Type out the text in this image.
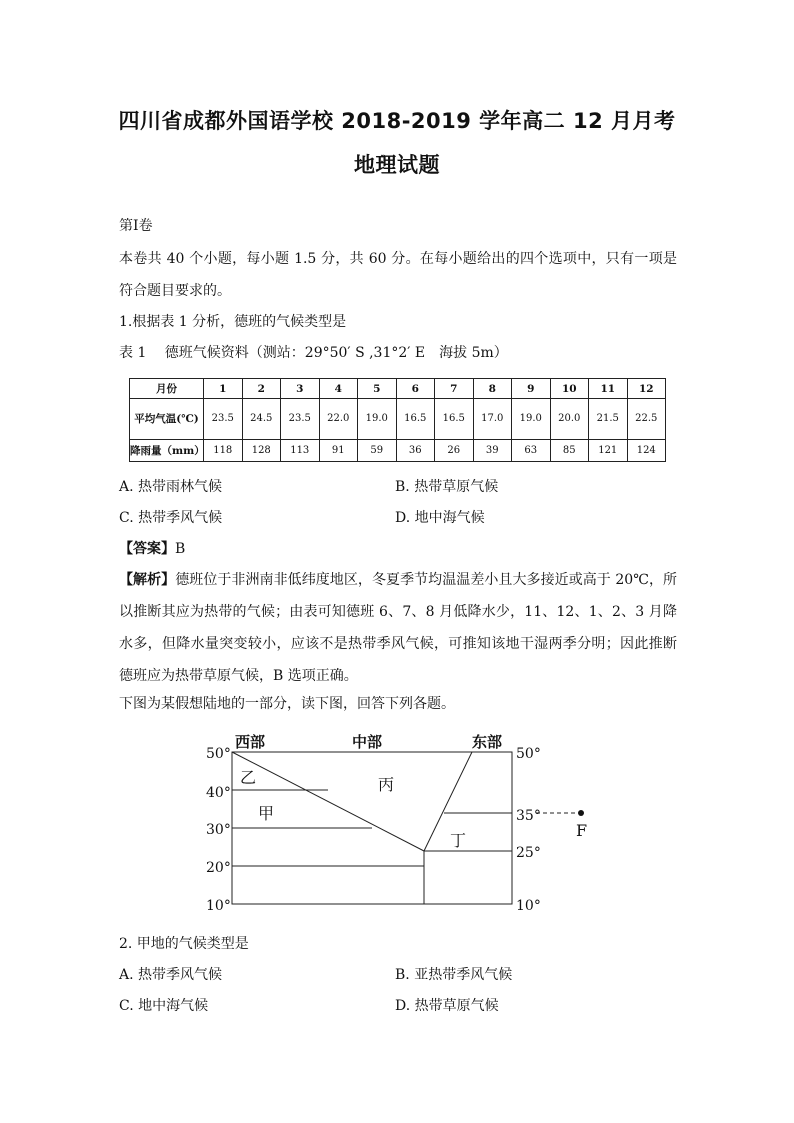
四川省成都外国语学校 2018-2019 学年高二 12 月月考
地理试题
第Ⅰ卷
本卷共 40 个小题，每小题 1.5 分，共 60 分。在每小题给出的四个选项中，只有一项是符合题目要求的。
1.根据表 1 分析，德班的气候类型是
表 1　 德班气候资料（测站：29°50′ S ,31°2′ E　海拔 5m）
月份	1	2	3	4	5	6	7	8	9	10	11	12
平均气温(℃)	23.5	24.5	23.5	22.0	19.0	16.5	16.5	17.0	19.0	20.0	21.5	22.5
降雨量（mm）	118	128	113	91	59	36	26	39	63	85	121	124
A. 热带雨林气候	B. 热带草原气候
C. 热带季风气候	D. 地中海气候
【答案】B
【解析】德班位于非洲南非低纬度地区，冬夏季节均温温差小且大多接近或高于 20℃，所以推断其应为热带的气候；由表可知德班 6、7、8 月低降水少，11、12、1、2、3 月降水多，但降水量突变较小，应该不是热带季风气候，可推知该地干湿两季分明；因此推断德班应为热带草原气候，B 选项正确。
下图为某假想陆地的一部分，读下图，回答下列各题。
西部	中部	东部
50°
40°
30°
20°
10°
50°
35°
25°
10°
乙
甲
丙
丁
F
2. 甲地的气候类型是
A. 热带季风气候	B. 亚热带季风气候
C. 地中海气候	D. 热带草原气候
